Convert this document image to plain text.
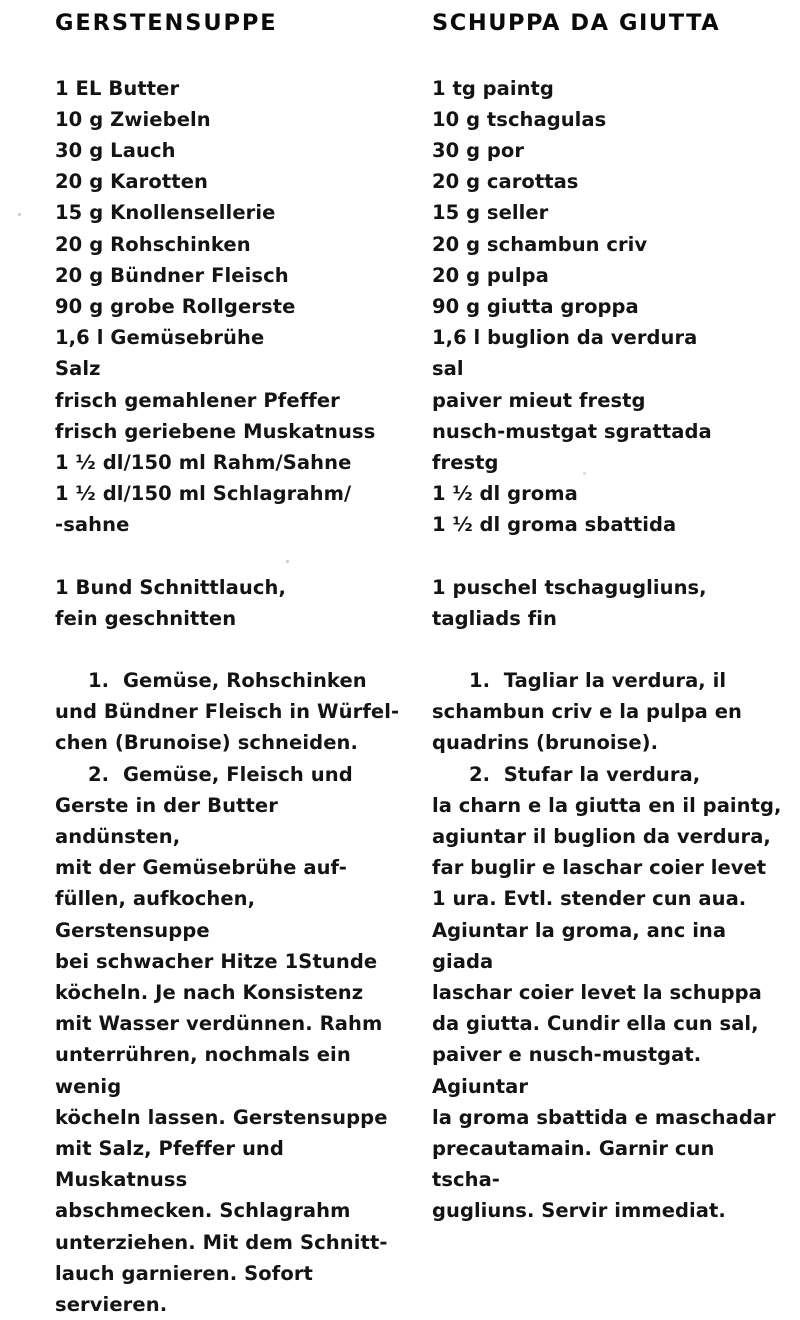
GERSTENSUPPE
1 EL Butter
10 g Zwiebeln
30 g Lauch
20 g Karotten
15 g Knollensellerie
20 g Rohschinken
20 g Bündner Fleisch
90 g grobe Rollgerste
1,6 l Gemüsebrühe
Salz
frisch gemahlener Pfeffer
frisch geriebene Muskatnuss
1 ½ dl/150 ml Rahm/Sahne
1 ½ dl/150 ml Schlagrahm/
-sahne
1 Bund Schnittlauch,
fein geschnitten
1.  Gemüse, Rohschinken
und Bündner Fleisch in Würfel-
chen (Brunoise) schneiden.
2.  Gemüse, Fleisch und
Gerste in der Butter andünsten,
mit der Gemüsebrühe auf-
füllen, aufkochen, Gerstensuppe
bei schwacher Hitze 1Stunde
köcheln. Je nach Konsistenz
mit Wasser verdünnen. Rahm
unterrühren, nochmals ein wenig
köcheln lassen. Gerstensuppe
mit Salz, Pfeffer und Muskatnuss
abschmecken. Schlagrahm
unterziehen. Mit dem Schnitt-
lauch garnieren. Sofort
servieren.
SCHUPPA DA GIUTTA
1 tg paintg
10 g tschagulas
30 g por
20 g carottas
15 g seller
20 g schambun criv
20 g pulpa
90 g giutta groppa
1,6 l buglion da verdura
sal
paiver mieut frestg
nusch-mustgat sgrattada frestg
1 ½ dl groma
1 ½ dl groma sbattida
1 puschel tschagugliuns,
tagliads fin
1.  Tagliar la verdura, il
schambun criv e la pulpa en
quadrins (brunoise).
2.  Stufar la verdura,
la charn e la giutta en il paintg,
agiuntar il buglion da verdura,
far buglir e laschar coier levet
1 ura. Evtl. stender cun aua.
Agiuntar la groma, anc ina giada
laschar coier levet la schuppa
da giutta. Cundir ella cun sal,
paiver e nusch-mustgat. Agiuntar
la groma sbattida e maschadar
precautamain. Garnir cun tscha-
gugliuns. Servir immediat.
